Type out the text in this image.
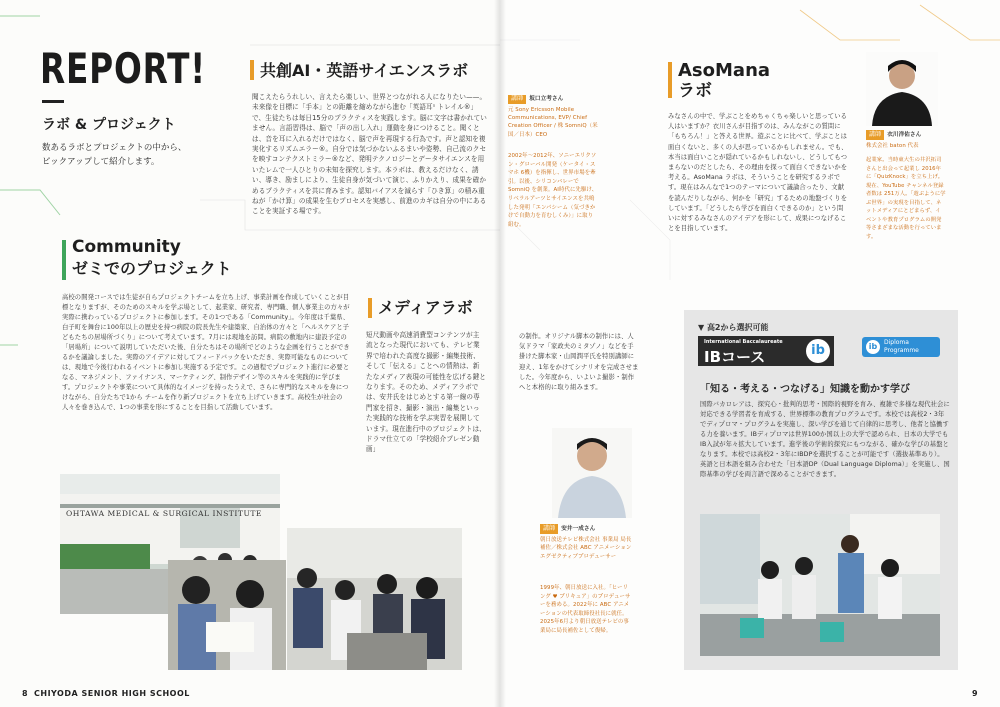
REPORT!
ラボ & プロジェクト
数あるラボとプロジェクトの中から、
ピックアップして紹介します。
共創AI・英語サイエンスラボ
聞こえたらうれしい、言えたら楽しい、世界とつながれる人になりたい——。未来像を目標に「手本」との距離を縮めながら進む「英語耳ˢ トレイル®」で、生徒たちは毎日15分のプラクティスを実践します。脳に文字は書かれていません。言語習得は、脳で「声の出し入れ」運動を身につけること。聞くとは、音を耳に入れるだけではなく、脳で声を再現する行為です。声と認知を複実化するリズムエラー®。自分では気づかないふるまいや姿勢、自己流のクセを映すコンテクストミラー®など、発明テクノロジーとデータサイエンスを用いたレムで一人ひとりの未知を探究します。本ラボは、教えるだけなく、誘い、導き、励ましにより、生徒自身が気づいて演じ、ふりかえり、成果を確かめるプラクティスを共に育みます。認知バイアスを減らす「ひき算」の積み重ねが「かけ算」の成果を生むプロセスを実感し、前進のカギは自分の中にあることを実証する場です。
Community
ゼミでのプロジェクト
高校の開発コースでは生徒が自らプロジェクトチームを立ち上げ、事業計画を作成していくことが目標となりますが、そのためのスキルを学ぶ場として、起業家、研究者、専門職、個人事業主の方々が実際に携わっているプロジェクトに参加します。その1つである「Community」。今年度は千葉県、白子町を舞台に100年以上の歴史を持つ病院の院長先生や建築家、自治体の方々と「ヘルスケアと子どもたちの居場所づくり」について考えています。7月には現地を訪問。病院の敷地内に建設予定の「居場所」について説明していただいた後、自分たちはその場所でどのような企画を行うことができるかを議論しました。実際のアイデアに対してフィードバックをいただき、実際可能なものについては、現地で今後行われるイベントに参加し実施する予定です。この過程でプロジェクト進行に必要となる、マネジメント、ファイナンス、マーケティング、制作デザイン等のスキルを実践的に学びます。プロジェクトや事業について具体的なイメージを持ったうえで、さらに専門的なスキルを身につけながら、自分たちで1から チームを作り新プロジェクトを立ち上げていきます。高校生が社会の人々を巻き込んで、1つの事業を形にすることを目指して活動しています。
メディアラボ
短尺動画や高速消費型コンテンツが主流となった現代においても、テレビ業界で培われた高度な撮影・編集技術、そして「伝える」ことへの情熱は、新たなメディア表現の可能性を広げる鍵となります。そのため、メディアラボでは、安井氏をはじめとする第一線の専門家を招き、撮影・演出・編集といった実践的な技術を学ぶ実習を展開しています。現在進行中のプロジェクトは、ドラマ仕立ての「学校紹介プレゼン動画」
OHTAWA MEDICAL & SURGICAL INSTITUTE
8 CHIYODA SENIOR HIGH SCHOOL
講師 坂口立考さん
元 Sony Ericsson Mobile Communications, EVP/ Chief Creation Officer / 株 SomniQ（米国／日本）CEO
2002年～2012年、ソニーエリクソン・グローバル開発（ケータイ・スマホ 6機）を指揮し、世界市場を牽引。以後、シリコンバレーで SomniQ を創業。AI時代に先駆け、リベラルアーツとサイエンスを共鳴した発明「エンパシーム（気づきかけで自動力を育むしくみ）」に取り組む。
AsoMana
ラボ
みなさんの中で、学ぶことをめちゃくちゃ楽しいと思っている人はいますか？衣川さんが目指すのは、みんながこの質問に「もちろん！」と答える世界。遊ぶことに比べて、学ぶことは面白くないと、多くの人が思っているかもしれません。でも、本当は面白いことが隠れているかもしれないし、どうしてもつまらないのだとしたら、その理由を探って面白くできないかを考える。AsoMana ラボは、そういうことを研究するラボです。現在はみんなで1つのテーマについて議論合ったり、文献を読んだりしながら、何かを「研究」するための地盤づくりをしています。「どうしたら学びを面白くできるのか」という問いに対するみなさんのアイデアを形にして、成果につなげることを目指しています。
講師 衣川洋佑さん
株式会社 baton 代表
起業家。当時東大生の井沢拓司さんと出会って起業し 2016年に「QuizKnock」を立ち上げ。現在、YouTube チャンネル登録者数は 251万人。「遊ぶように学ぶ世界」の実現を目指して、ネットメディアにとどまらず、イベントや教育プログラムの開発等さまざまな活動を行っています。
の制作。オリジナル脚本の制作には、人気ドラマ「家政夫のミタゾノ」などを手掛けた脚本家・山岡潤平氏を特別講師に迎え、1年をかけてシナリオを完成させました。今年度から、いよいよ撮影・制作へと本格的に取り組みます。
講師 安井一成さん
朝日放送テレビ株式会社 事業局 局長補佐／株式会社 ABC アニメーション エグゼクティブプロデューサー
1999年、朝日放送に入社。「ヒーリング ♥ プリキュア」のプロデューサーを務める。2022年に ABC アニメーションの代表取締役社長に就任。2025年6月より朝日放送テレビの事業局に局長補佐として復帰。
▼ 高2から選択可能
International Baccalaureate
IBコース	ib	ib	Diploma
Programme
「知る・考える・つなげる」知識を動かす学び
国際バカロレアは、探究心・批判的思考・国際的視野を育み、複雑で多様な現代社会に対応できる学習者を育成する、世界標準の教育プログラムです。本校では高校2・3年でディプロマ・プログラムを実施し、深い学びを通じて自律的に思考し、他者と協働する力を養います。IBディプロマは世界100か国以上の大学で認められ、日本の大学でもIB入試が年々拡大しています。進学後の学術的探究にもつながる、確かな学びの基盤となります。本校では高校2・3年にIBDPを選択することが可能です（選抜基準あり）。英語と日本語を組み合わせた「日本語DP（Dual Language Diploma）」を実施し、国際基準の学びを両言語で深めることができます。
9
